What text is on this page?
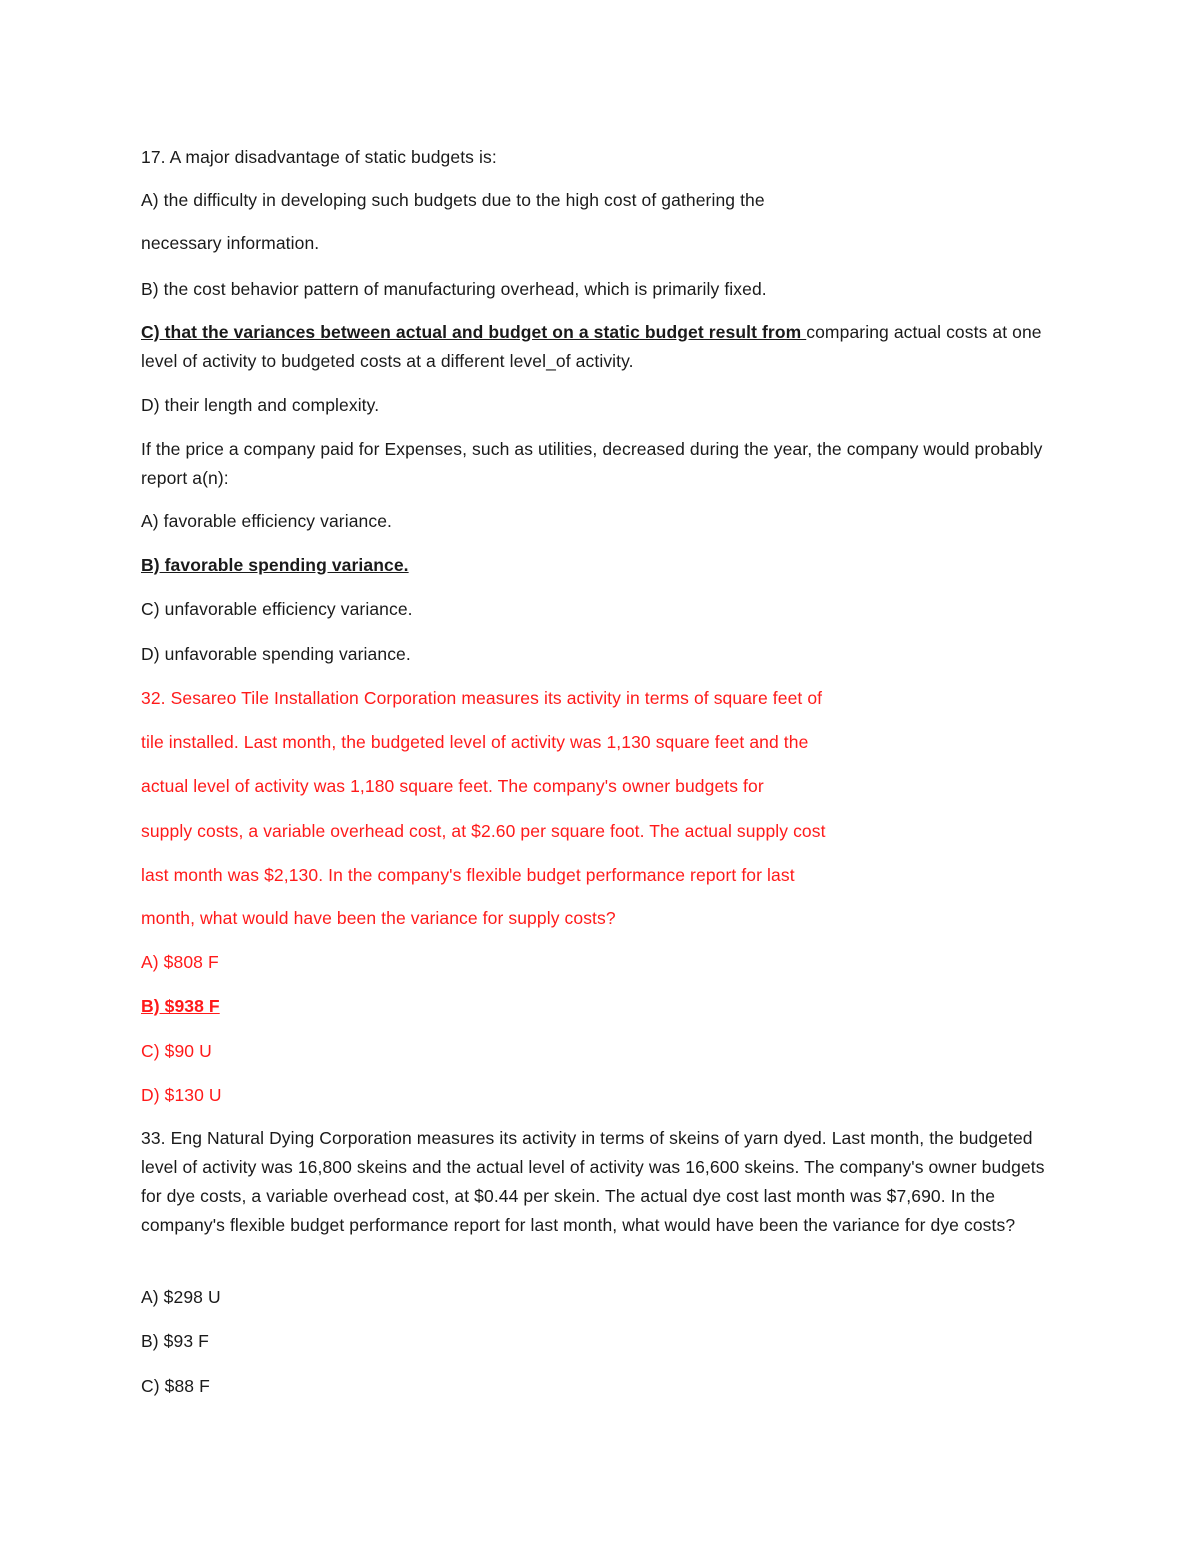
17. A major disadvantage of static budgets is:
A) the difficulty in developing such budgets due to the high cost of gathering the
necessary information.
B) the cost behavior pattern of manufacturing overhead, which is primarily fixed.
C) that the variances between actual and budget on a static budget result from comparing actual costs at one level of activity to budgeted costs at a different level_of activity.
D) their length and complexity.
If the price a company paid for Expenses, such as utilities, decreased during the year, the company would probably report a(n):
A) favorable efficiency variance.
B) favorable spending variance.
C) unfavorable efficiency variance.
D) unfavorable spending variance.
32. Sesareo Tile Installation Corporation measures its activity in terms of square feet of
tile installed. Last month, the budgeted level of activity was 1,130 square feet and the
actual level of activity was 1,180 square feet. The company's owner budgets for
supply costs, a variable overhead cost, at $2.60 per square foot. The actual supply cost
last month was $2,130. In the company's flexible budget performance report for last
month, what would have been the variance for supply costs?
A) $808 F
B) $938 F
C) $90 U
D) $130 U
33. Eng Natural Dying Corporation measures its activity in terms of skeins of yarn dyed. Last month, the budgeted level of activity was 16,800 skeins and the actual level of activity was 16,600 skeins. The company's owner budgets for dye costs, a variable overhead cost, at $0.44 per skein. The actual dye cost last month was $7,690. In the company's flexible budget performance report for last month, what would have been the variance for dye costs?
A) $298 U
B) $93 F
C) $88 F
